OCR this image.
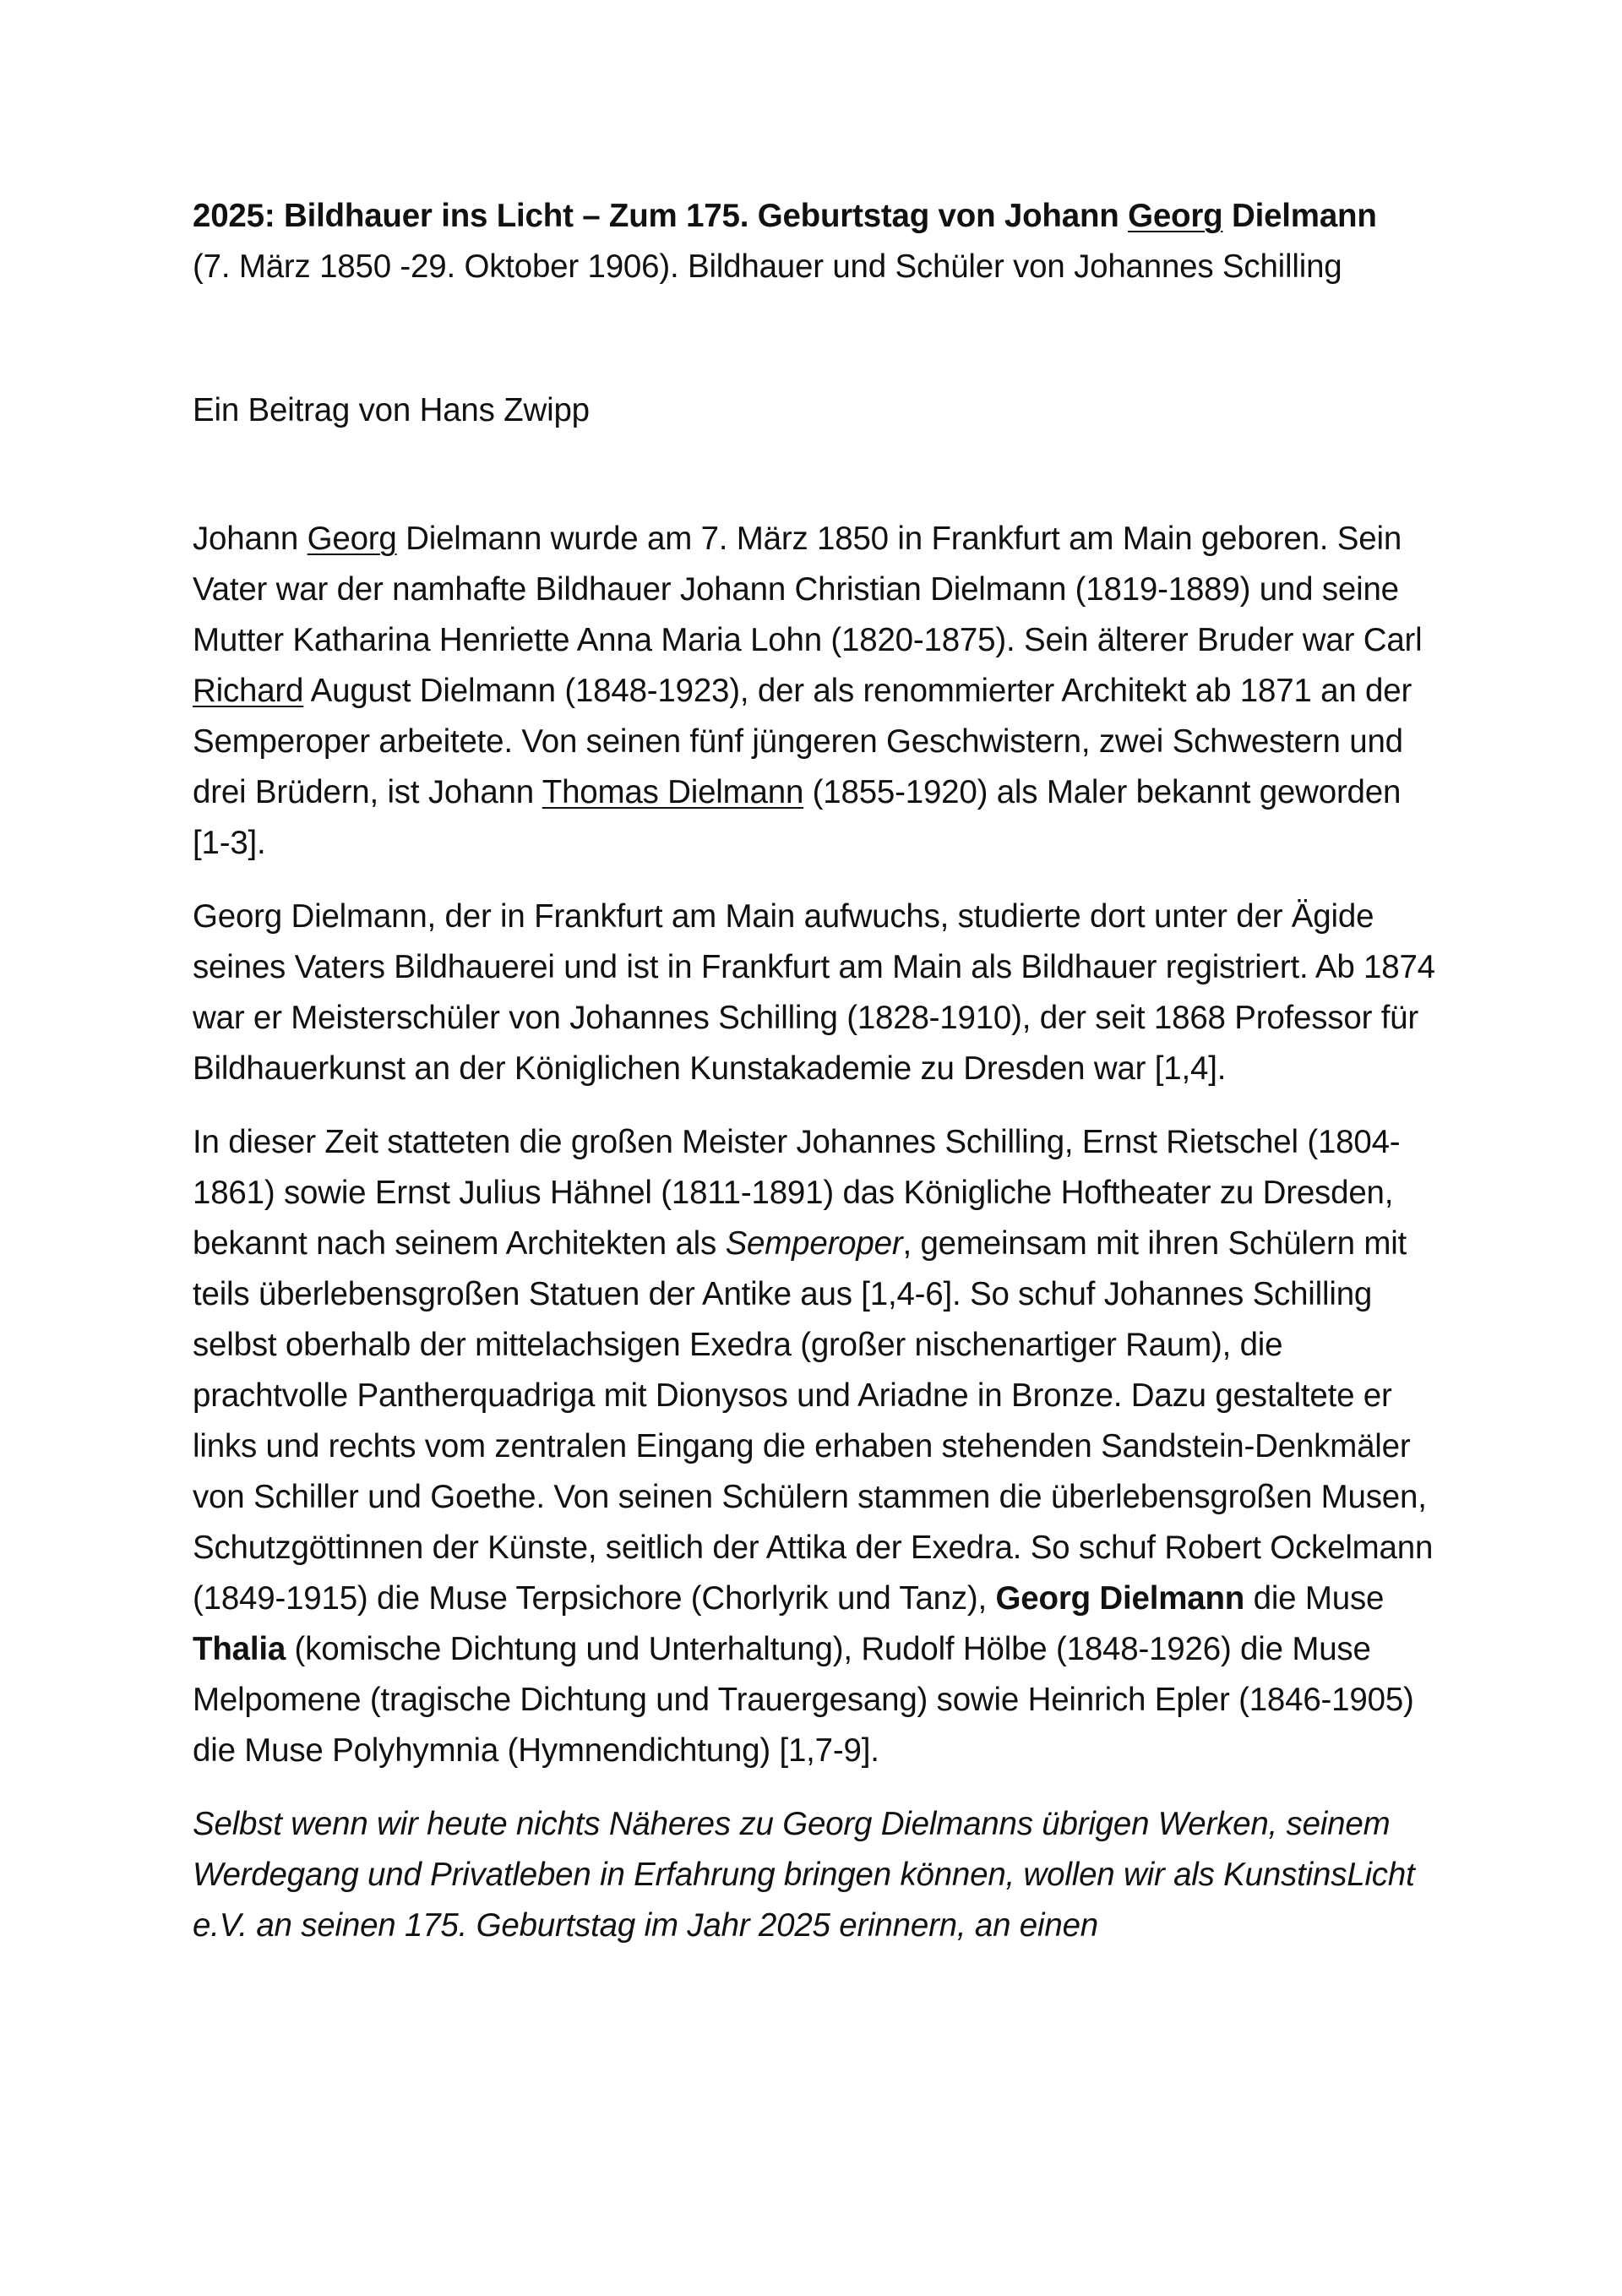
2025: Bildhauer ins Licht – Zum 175. Geburtstag von Johann Georg Dielmann
(7. März 1850 -29. Oktober 1906). Bildhauer und Schüler von Johannes Schilling
Ein Beitrag von Hans Zwipp

Johann Georg Dielmann wurde am 7. März 1850 in Frankfurt am Main geboren. Sein Vater war der namhafte Bildhauer Johann Christian Dielmann (1819-1889) und seine Mutter Katharina Henriette Anna Maria Lohn (1820-1875). Sein älterer Bruder war Carl Richard August Dielmann (1848-1923), der als renommierter Architekt ab 1871 an der Semperoper arbeitete. Von seinen fünf jüngeren Geschwistern, zwei Schwestern und drei Brüdern, ist Johann Thomas Dielmann (1855-1920) als Maler bekannt geworden [1-3].

Georg Dielmann, der in Frankfurt am Main aufwuchs, studierte dort unter der Ägide seines Vaters Bildhauerei und ist in Frankfurt am Main als Bildhauer registriert. Ab 1874 war er Meisterschüler von Johannes Schilling (1828-1910), der seit 1868 Professor für Bildhauerkunst an der Königlichen Kunstakademie zu Dresden war [1,4].

In dieser Zeit statteten die großen Meister Johannes Schilling, Ernst Rietschel (1804-1861) sowie Ernst Julius Hähnel (1811-1891) das Königliche Hoftheater zu Dresden, bekannt nach seinem Architekten als Semperoper, gemeinsam mit ihren Schülern mit teils überlebensgroßen Statuen der Antike aus [1,4-6]. So schuf Johannes Schilling selbst oberhalb der mittelachsigen Exedra (großer nischenartiger Raum), die prachtvolle Pantherquadriga mit Dionysos und Ariadne in Bronze. Dazu gestaltete er links und rechts vom zentralen Eingang die erhaben stehenden Sandstein-Denkmäler von Schiller und Goethe. Von seinen Schülern stammen die überlebensgroßen Musen, Schutzgöttinnen der Künste, seitlich der Attika der Exedra. So schuf Robert Ockelmann (1849-1915) die Muse Terpsichore (Chorlyrik und Tanz), Georg Dielmann die Muse Thalia (komische Dichtung und Unterhaltung), Rudolf Hölbe (1848-1926) die Muse Melpomene (tragische Dichtung und Trauergesang) sowie Heinrich Epler (1846-1905) die Muse Polyhymnia (Hymnendichtung) [1,7-9].

Selbst wenn wir heute nichts Näheres zu Georg Dielmanns übrigen Werken, seinem Werdegang und Privatleben in Erfahrung bringen können, wollen wir als KunstinsLicht e.V. an seinen 175. Geburtstag im Jahr 2025 erinnern, an einen
